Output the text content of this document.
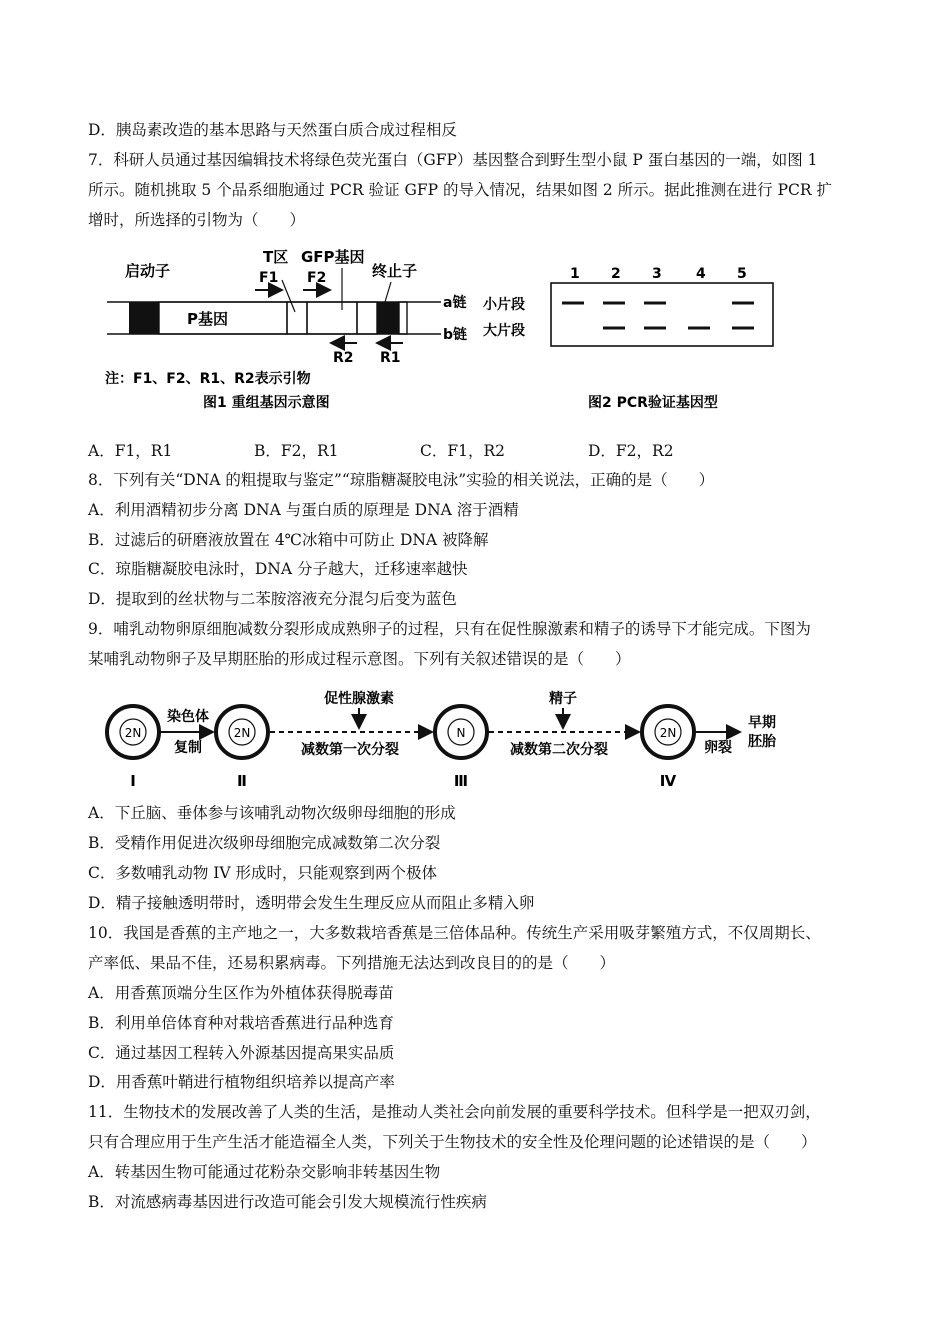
D．胰岛素改造的基本思路与天然蛋白质合成过程相反
7．科研人员通过基因编辑技术将绿色荧光蛋白（GFP）基因整合到野生型小鼠 P 蛋白基因的一端，如图 1
所示。随机挑取 5 个品系细胞通过 PCR 验证 GFP 的导入情况，结果如图 2 所示。据此推测在进行 PCR 扩
增时，所选择的引物为（　　）
启动子
T区 GFP基因
终止子
F1 F2
P基因
a链
b链
R2 R1
注：F1、F2、R1、R2表示引物
图1 重组基因示意图
1 2 3 4 5
小片段
大片段
图2 PCR验证基因型
A．F1，R1	B．F2，R1	C．F1，R2	D．F2，R2
8．下列有关“DNA 的粗提取与鉴定”“琼脂糖凝胶电泳”实验的相关说法，正确的是（　　）
A．利用酒精初步分离 DNA 与蛋白质的原理是 DNA 溶于酒精
B．过滤后的研磨液放置在 4℃冰箱中可防止 DNA 被降解
C．琼脂糖凝胶电泳时，DNA 分子越大，迁移速率越快
D．提取到的丝状物与二苯胺溶液充分混匀后变为蓝色
9．哺乳动物卵原细胞减数分裂形成成熟卵子的过程，只有在促性腺激素和精子的诱导下才能完成。下图为
某哺乳动物卵子及早期胚胎的形成过程示意图。下列有关叙述错误的是（　　）
2N
Ⅰ
2N
Ⅱ
N
Ⅲ
2N
Ⅳ
染色体
复制
促性腺激素
减数第一次分裂
精子
减数第二次分裂	卵裂
早期
胚胎
A．下丘脑、垂体参与该哺乳动物次级卵母细胞的形成
B．受精作用促进次级卵母细胞完成减数第二次分裂
C．多数哺乳动物 IV 形成时，只能观察到两个极体
D．精子接触透明带时，透明带会发生生理反应从而阻止多精入卵
10．我国是香蕉的主产地之一，大多数栽培香蕉是三倍体品种。传统生产采用吸芽繁殖方式，不仅周期长、
产率低、果品不佳，还易积累病毒。下列措施无法达到改良目的的是（　　）
A．用香蕉顶端分生区作为外植体获得脱毒苗
B．利用单倍体育种对栽培香蕉进行品种选育
C．通过基因工程转入外源基因提高果实品质
D．用香蕉叶鞘进行植物组织培养以提高产率
11．生物技术的发展改善了人类的生活，是推动人类社会向前发展的重要科学技术。但科学是一把双刃剑，
只有合理应用于生产生活才能造福全人类，下列关于生物技术的安全性及伦理问题的论述错误的是（　　）
A．转基因生物可能通过花粉杂交影响非转基因生物
B．对流感病毒基因进行改造可能会引发大规模流行性疾病
